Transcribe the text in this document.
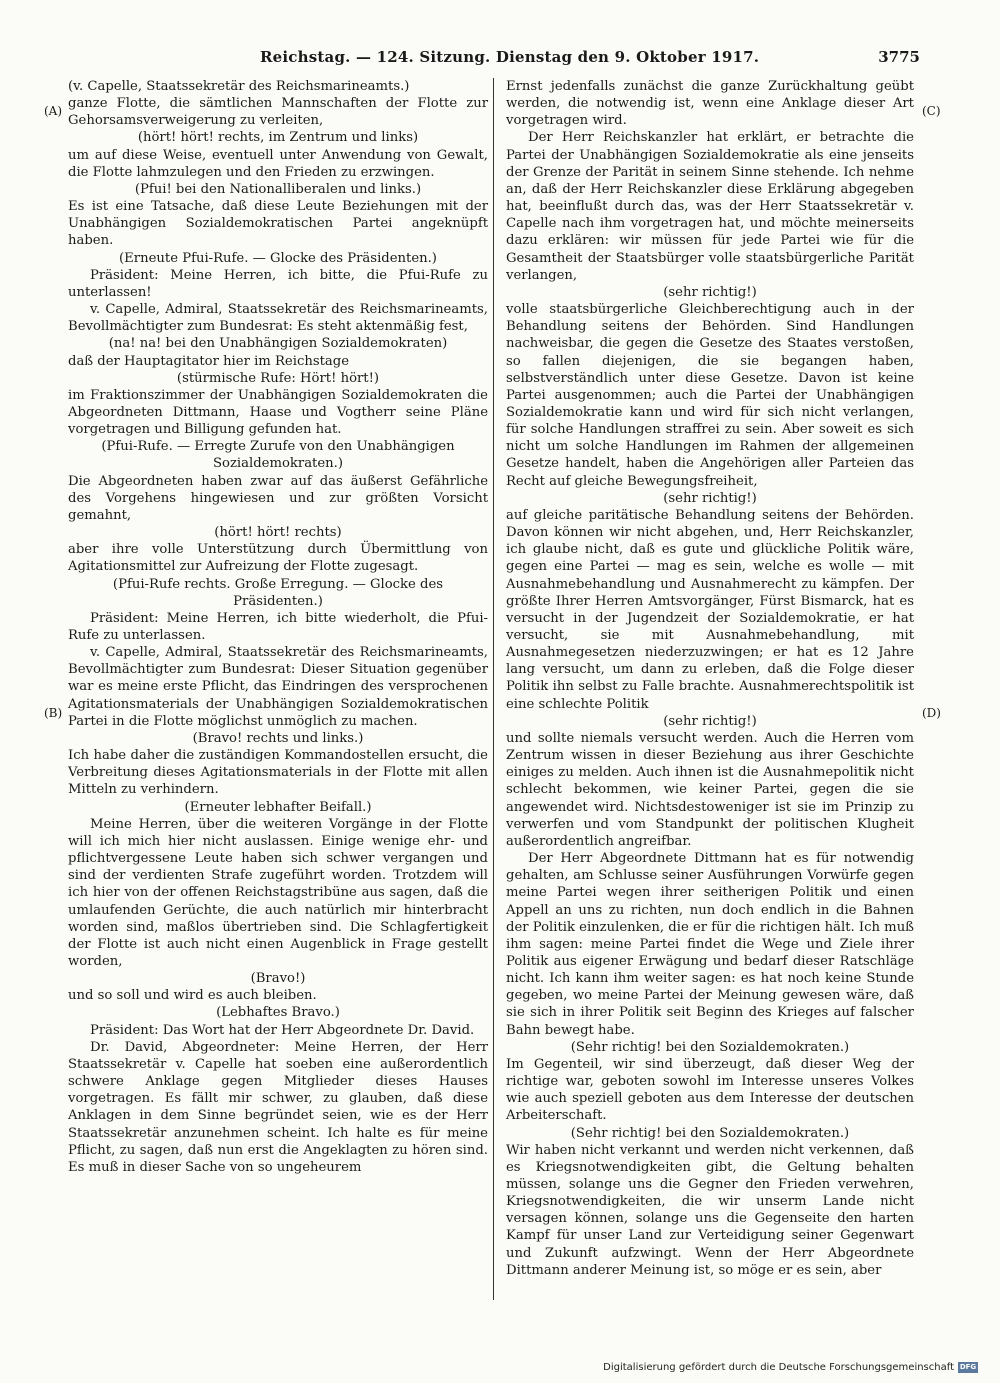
Reichstag. — 124. Sitzung. Dienstag den 9. Oktober 1917.	3775
(A)
(B)
(C)
(D)

(v. Capelle, Staatssekretär des Reichsmarineamts.)

ganze Flotte, die sämtlichen Mannschaften der Flotte zur Gehorsamsverweigerung zu verleiten,

(hört! hört! rechts, im Zentrum und links)

um auf diese Weise, eventuell unter Anwendung von Gewalt, die Flotte lahmzulegen und den Frieden zu erzwingen.

(Pfui! bei den Nationalliberalen und links.)

Es ist eine Tatsache, daß diese Leute Beziehungen mit der Unabhängigen Sozialdemokratischen Partei angeknüpft haben.

(Erneute Pfui-Rufe. — Glocke des Präsidenten.)

Präsident: Meine Herren, ich bitte, die Pfui-Rufe zu unterlassen!

v. Capelle, Admiral, Staatssekretär des Reichsmarineamts, Bevollmächtigter zum Bundesrat: Es steht aktenmäßig fest,

(na! na! bei den Unabhängigen Sozialdemokraten)

daß der Hauptagitator hier im Reichstage

(stürmische Rufe: Hört! hört!)

im Fraktionszimmer der Unabhängigen Sozialdemokraten die Abgeordneten Dittmann, Haase und Vogtherr seine Pläne vorgetragen und Billigung gefunden hat.

(Pfui-Rufe. — Erregte Zurufe von den Unabhängigen Sozialdemokraten.)

Die Abgeordneten haben zwar auf das äußerst Gefährliche des Vorgehens hingewiesen und zur größten Vorsicht gemahnt,

(hört! hört! rechts)

aber ihre volle Unterstützung durch Übermittlung von Agitationsmittel zur Aufreizung der Flotte zugesagt.

(Pfui-Rufe rechts. Große Erregung. — Glocke des Präsidenten.)

Präsident: Meine Herren, ich bitte wiederholt, die Pfui-Rufe zu unterlassen.

v. Capelle, Admiral, Staatssekretär des Reichsmarineamts, Bevollmächtigter zum Bundesrat: Dieser Situation gegenüber war es meine erste Pflicht, das Eindringen des versprochenen Agitationsmaterials der Unabhängigen Sozialdemokratischen Partei in die Flotte möglichst unmöglich zu machen.

(Bravo! rechts und links.)

Ich habe daher die zuständigen Kommandostellen ersucht, die Verbreitung dieses Agitationsmaterials in der Flotte mit allen Mitteln zu verhindern.

(Erneuter lebhafter Beifall.)

Meine Herren, über die weiteren Vorgänge in der Flotte will ich mich hier nicht auslassen. Einige wenige ehr- und pflichtvergessene Leute haben sich schwer vergangen und sind der verdienten Strafe zugeführt worden. Trotzdem will ich hier von der offenen Reichstagstribüne aus sagen, daß die umlaufenden Gerüchte, die auch natürlich mir hinterbracht worden sind, maßlos übertrieben sind. Die Schlagfertigkeit der Flotte ist auch nicht einen Augenblick in Frage gestellt worden,

(Bravo!)

und so soll und wird es auch bleiben.

(Lebhaftes Bravo.)

Präsident: Das Wort hat der Herr Abgeordnete Dr. David.

Dr. David, Abgeordneter: Meine Herren, der Herr Staatssekretär v. Capelle hat soeben eine außerordentlich schwere Anklage gegen Mitglieder dieses Hauses vorgetragen. Es fällt mir schwer, zu glauben, daß diese Anklagen in dem Sinne begründet seien, wie es der Herr Staatssekretär anzunehmen scheint. Ich halte es für meine Pflicht, zu sagen, daß nun erst die Angeklagten zu hören sind. Es muß in dieser Sache von so ungeheurem

Ernst jedenfalls zunächst die ganze Zurückhaltung geübt werden, die notwendig ist, wenn eine Anklage dieser Art vorgetragen wird.

Der Herr Reichskanzler hat erklärt, er betrachte die Partei der Unabhängigen Sozialdemokratie als eine jenseits der Grenze der Parität in seinem Sinne stehende. Ich nehme an, daß der Herr Reichskanzler diese Erklärung abgegeben hat, beeinflußt durch das, was der Herr Staatssekretär v. Capelle nach ihm vorgetragen hat, und möchte meinerseits dazu erklären: wir müssen für jede Partei wie für die Gesamtheit der Staatsbürger volle staatsbürgerliche Parität verlangen,

(sehr richtig!)

volle staatsbürgerliche Gleichberechtigung auch in der Behandlung seitens der Behörden. Sind Handlungen nachweisbar, die gegen die Gesetze des Staates verstoßen, so fallen diejenigen, die sie begangen haben, selbstverständlich unter diese Gesetze. Davon ist keine Partei ausgenommen; auch die Partei der Unabhängigen Sozialdemokratie kann und wird für sich nicht verlangen, für solche Handlungen straffrei zu sein. Aber soweit es sich nicht um solche Handlungen im Rahmen der allgemeinen Gesetze handelt, haben die Angehörigen aller Parteien das Recht auf gleiche Bewegungsfreiheit,

(sehr richtig!)

auf gleiche paritätische Behandlung seitens der Behörden. Davon können wir nicht abgehen, und, Herr Reichskanzler, ich glaube nicht, daß es gute und glückliche Politik wäre, gegen eine Partei — mag es sein, welche es wolle — mit Ausnahmebehandlung und Ausnahmerecht zu kämpfen. Der größte Ihrer Herren Amtsvorgänger, Fürst Bismarck, hat es versucht in der Jugendzeit der Sozialdemokratie, er hat versucht, sie mit Ausnahmebehandlung, mit Ausnahmegesetzen niederzuzwingen; er hat es 12 Jahre lang versucht, um dann zu erleben, daß die Folge dieser Politik ihn selbst zu Falle brachte. Ausnahmerechtspolitik ist eine schlechte Politik

(sehr richtig!)

und sollte niemals versucht werden. Auch die Herren vom Zentrum wissen in dieser Beziehung aus ihrer Geschichte einiges zu melden. Auch ihnen ist die Ausnahmepolitik nicht schlecht bekommen, wie keiner Partei, gegen die sie angewendet wird. Nichtsdestoweniger ist sie im Prinzip zu verwerfen und vom Standpunkt der politischen Klugheit außerordentlich angreifbar.

Der Herr Abgeordnete Dittmann hat es für notwendig gehalten, am Schlusse seiner Ausführungen Vorwürfe gegen meine Partei wegen ihrer seitherigen Politik und einen Appell an uns zu richten, nun doch endlich in die Bahnen der Politik einzulenken, die er für die richtigen hält. Ich muß ihm sagen: meine Partei findet die Wege und Ziele ihrer Politik aus eigener Erwägung und bedarf dieser Ratschläge nicht. Ich kann ihm weiter sagen: es hat noch keine Stunde gegeben, wo meine Partei der Meinung gewesen wäre, daß sie sich in ihrer Politik seit Beginn des Krieges auf falscher Bahn bewegt habe.

(Sehr richtig! bei den Sozialdemokraten.)

Im Gegenteil, wir sind überzeugt, daß dieser Weg der richtige war, geboten sowohl im Interesse unseres Volkes wie auch speziell geboten aus dem Interesse der deutschen Arbeiterschaft.

(Sehr richtig! bei den Sozialdemokraten.)

Wir haben nicht verkannt und werden nicht verkennen, daß es Kriegsnotwendigkeiten gibt, die Geltung behalten müssen, solange uns die Gegner den Frieden verwehren, Kriegsnotwendigkeiten, die wir unserm Lande nicht versagen können, solange uns die Gegenseite den harten Kampf für unser Land zur Verteidigung seiner Gegenwart und Zukunft aufzwingt. Wenn der Herr Abgeordnete Dittmann anderer Meinung ist, so möge er es sein, aber

Digitalisierung gefördert durch die Deutsche Forschungsgemeinschaft DFG
